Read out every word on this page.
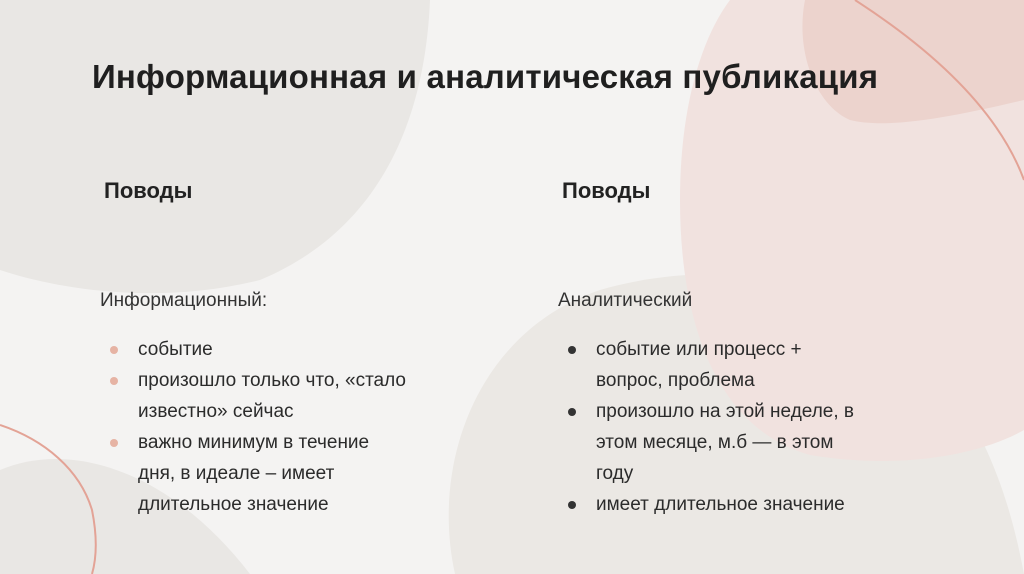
Информационная и аналитическая публикация
Поводы
Информационный:
событие
произошло только что, «стало
известно» сейчас
важно минимум в течение
дня, в идеале – имеет
длительное значение
Поводы
Аналитический
событие или процесс +
вопрос, проблема
произошло на этой неделе, в
этом месяце, м.б — в этом
году
имеет длительное значение
